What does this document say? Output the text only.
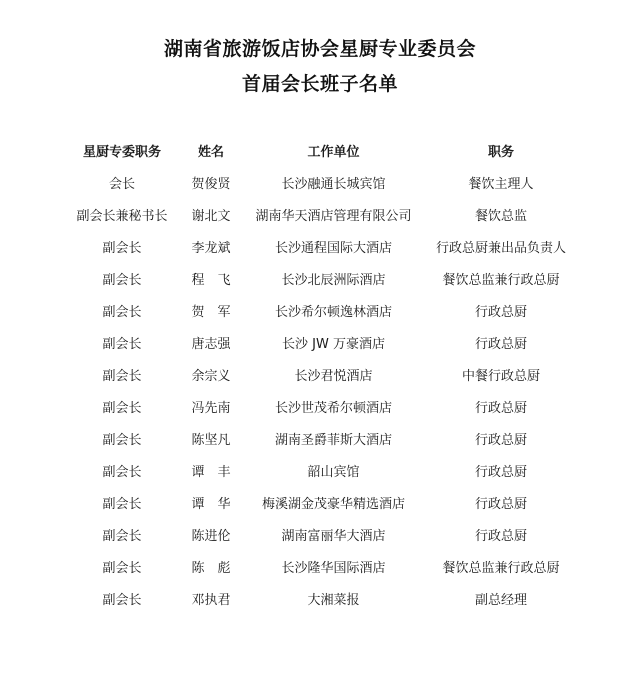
湖南省旅游饭店协会星厨专业委员会
首届会长班子名单
星厨专委职务	姓名	工作单位	职务
会长	贺俊贤	长沙融通长城宾馆	餐饮主理人
副会长兼秘书长	谢北文	湖南华天酒店管理有限公司	餐饮总监
副会长	李龙斌	长沙通程国际大酒店	行政总厨兼出品负责人
副会长	程　飞	长沙北辰洲际酒店	餐饮总监兼行政总厨
副会长	贺　军	长沙希尔顿逸林酒店	行政总厨
副会长	唐志强	长沙 JW 万豪酒店	行政总厨
副会长	余宗义	长沙君悦酒店	中餐行政总厨
副会长	冯先南	长沙世茂希尔顿酒店	行政总厨
副会长	陈坚凡	湖南圣爵菲斯大酒店	行政总厨
副会长	谭　丰	韶山宾馆	行政总厨
副会长	谭　华	梅溪湖金茂豪华精选酒店	行政总厨
副会长	陈进伦	湖南富丽华大酒店	行政总厨
副会长	陈　彪	长沙隆华国际酒店	餐饮总监兼行政总厨
副会长	邓执君	大湘菜报	副总经理
